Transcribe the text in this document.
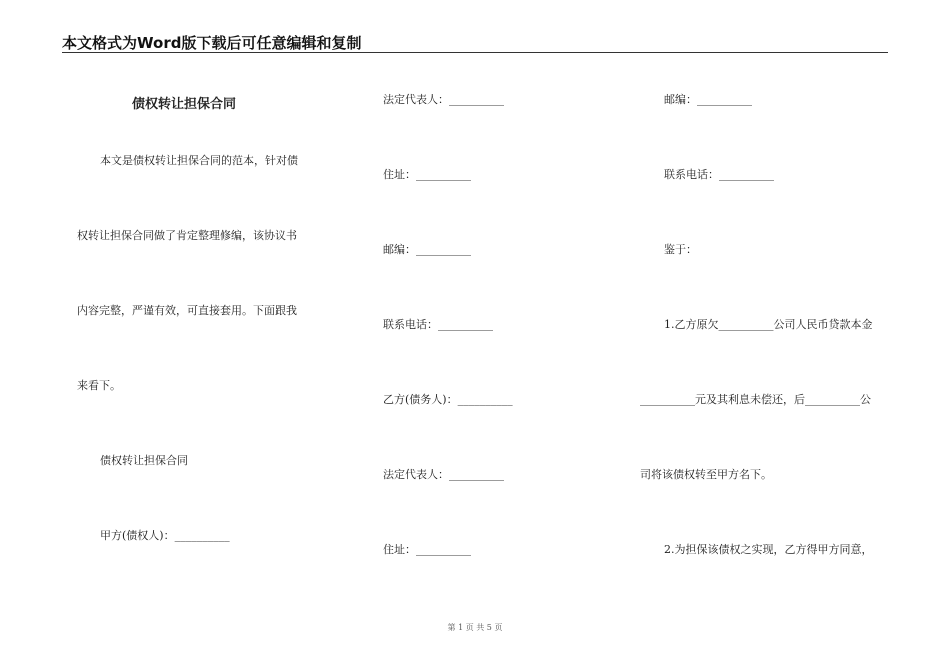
本文格式为Word版下载后可任意编辑和复制
债权转让担保合同
本文是债权转让担保合同的范本，针对债
权转让担保合同做了肯定整理修编，该协议书
内容完整，严谨有效，可直接套用。下面跟我
来看下。
债权转让担保合同
甲方(债权人)：__________
法定代表人：__________
住址：__________
邮编：__________
联系电话：__________
乙方(债务人)：__________
法定代表人：__________
住址：__________
邮编：__________
联系电话：__________
鉴于：
1.乙方原欠__________公司人民币贷款本金
__________元及其利息未偿还，后__________公
司将该债权转至甲方名下。
2.为担保该债权之实现，乙方得甲方同意，
第 1 页 共 5 页
